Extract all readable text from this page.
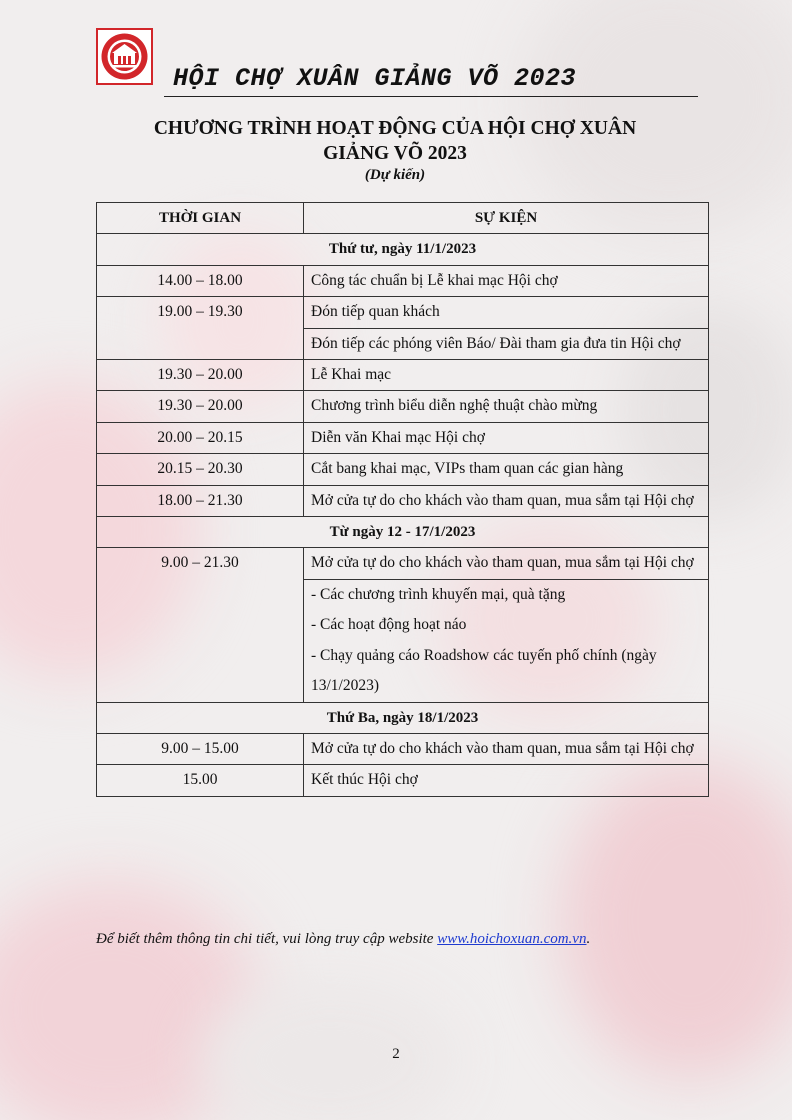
HỘI CHỢ XUÂN GIẢNG VÕ 2023
CHƯƠNG TRÌNH HOẠT ĐỘNG CỦA HỘI CHỢ XUÂN
GIẢNG VÕ 2023
(Dự kiến)
THỜI GIAN	SỰ KIỆN
Thứ tư, ngày 11/1/2023	
14.00 – 18.00	Công tác chuẩn bị Lễ khai mạc Hội chợ
19.00 – 19.30	Đón tiếp quan khách
	Đón tiếp các phóng viên Báo/ Đài tham gia đưa tin Hội chợ
19.30 – 20.00	Lễ Khai mạc
19.30 – 20.00	Chương trình biểu diễn nghệ thuật chào mừng
20.00 – 20.15	Diễn văn Khai mạc Hội chợ
20.15 – 20.30	Cắt bang khai mạc, VIPs tham quan các gian hàng
18.00 – 21.30	Mở cửa tự do cho khách vào tham quan, mua sắm tại Hội chợ
Từ ngày 12 - 17/1/2023	
9.00 – 21.30	Mở cửa tự do cho khách vào tham quan, mua sắm tại Hội chợ

	- Các chương trình khuyến mại, quà tặng
- Các hoạt động hoạt náo
- Chạy quảng cáo Roadshow các tuyến phố chính (ngày 13/1/2023)

Thứ Ba, ngày 18/1/2023	
9.00 – 15.00	Mở cửa tự do cho khách vào tham quan, mua sắm tại Hội chợ
15.00	Kết thúc Hội chợ
Để biết thêm thông tin chi tiết, vui lòng truy cập website www.hoichoxuan.com.vn.
2
